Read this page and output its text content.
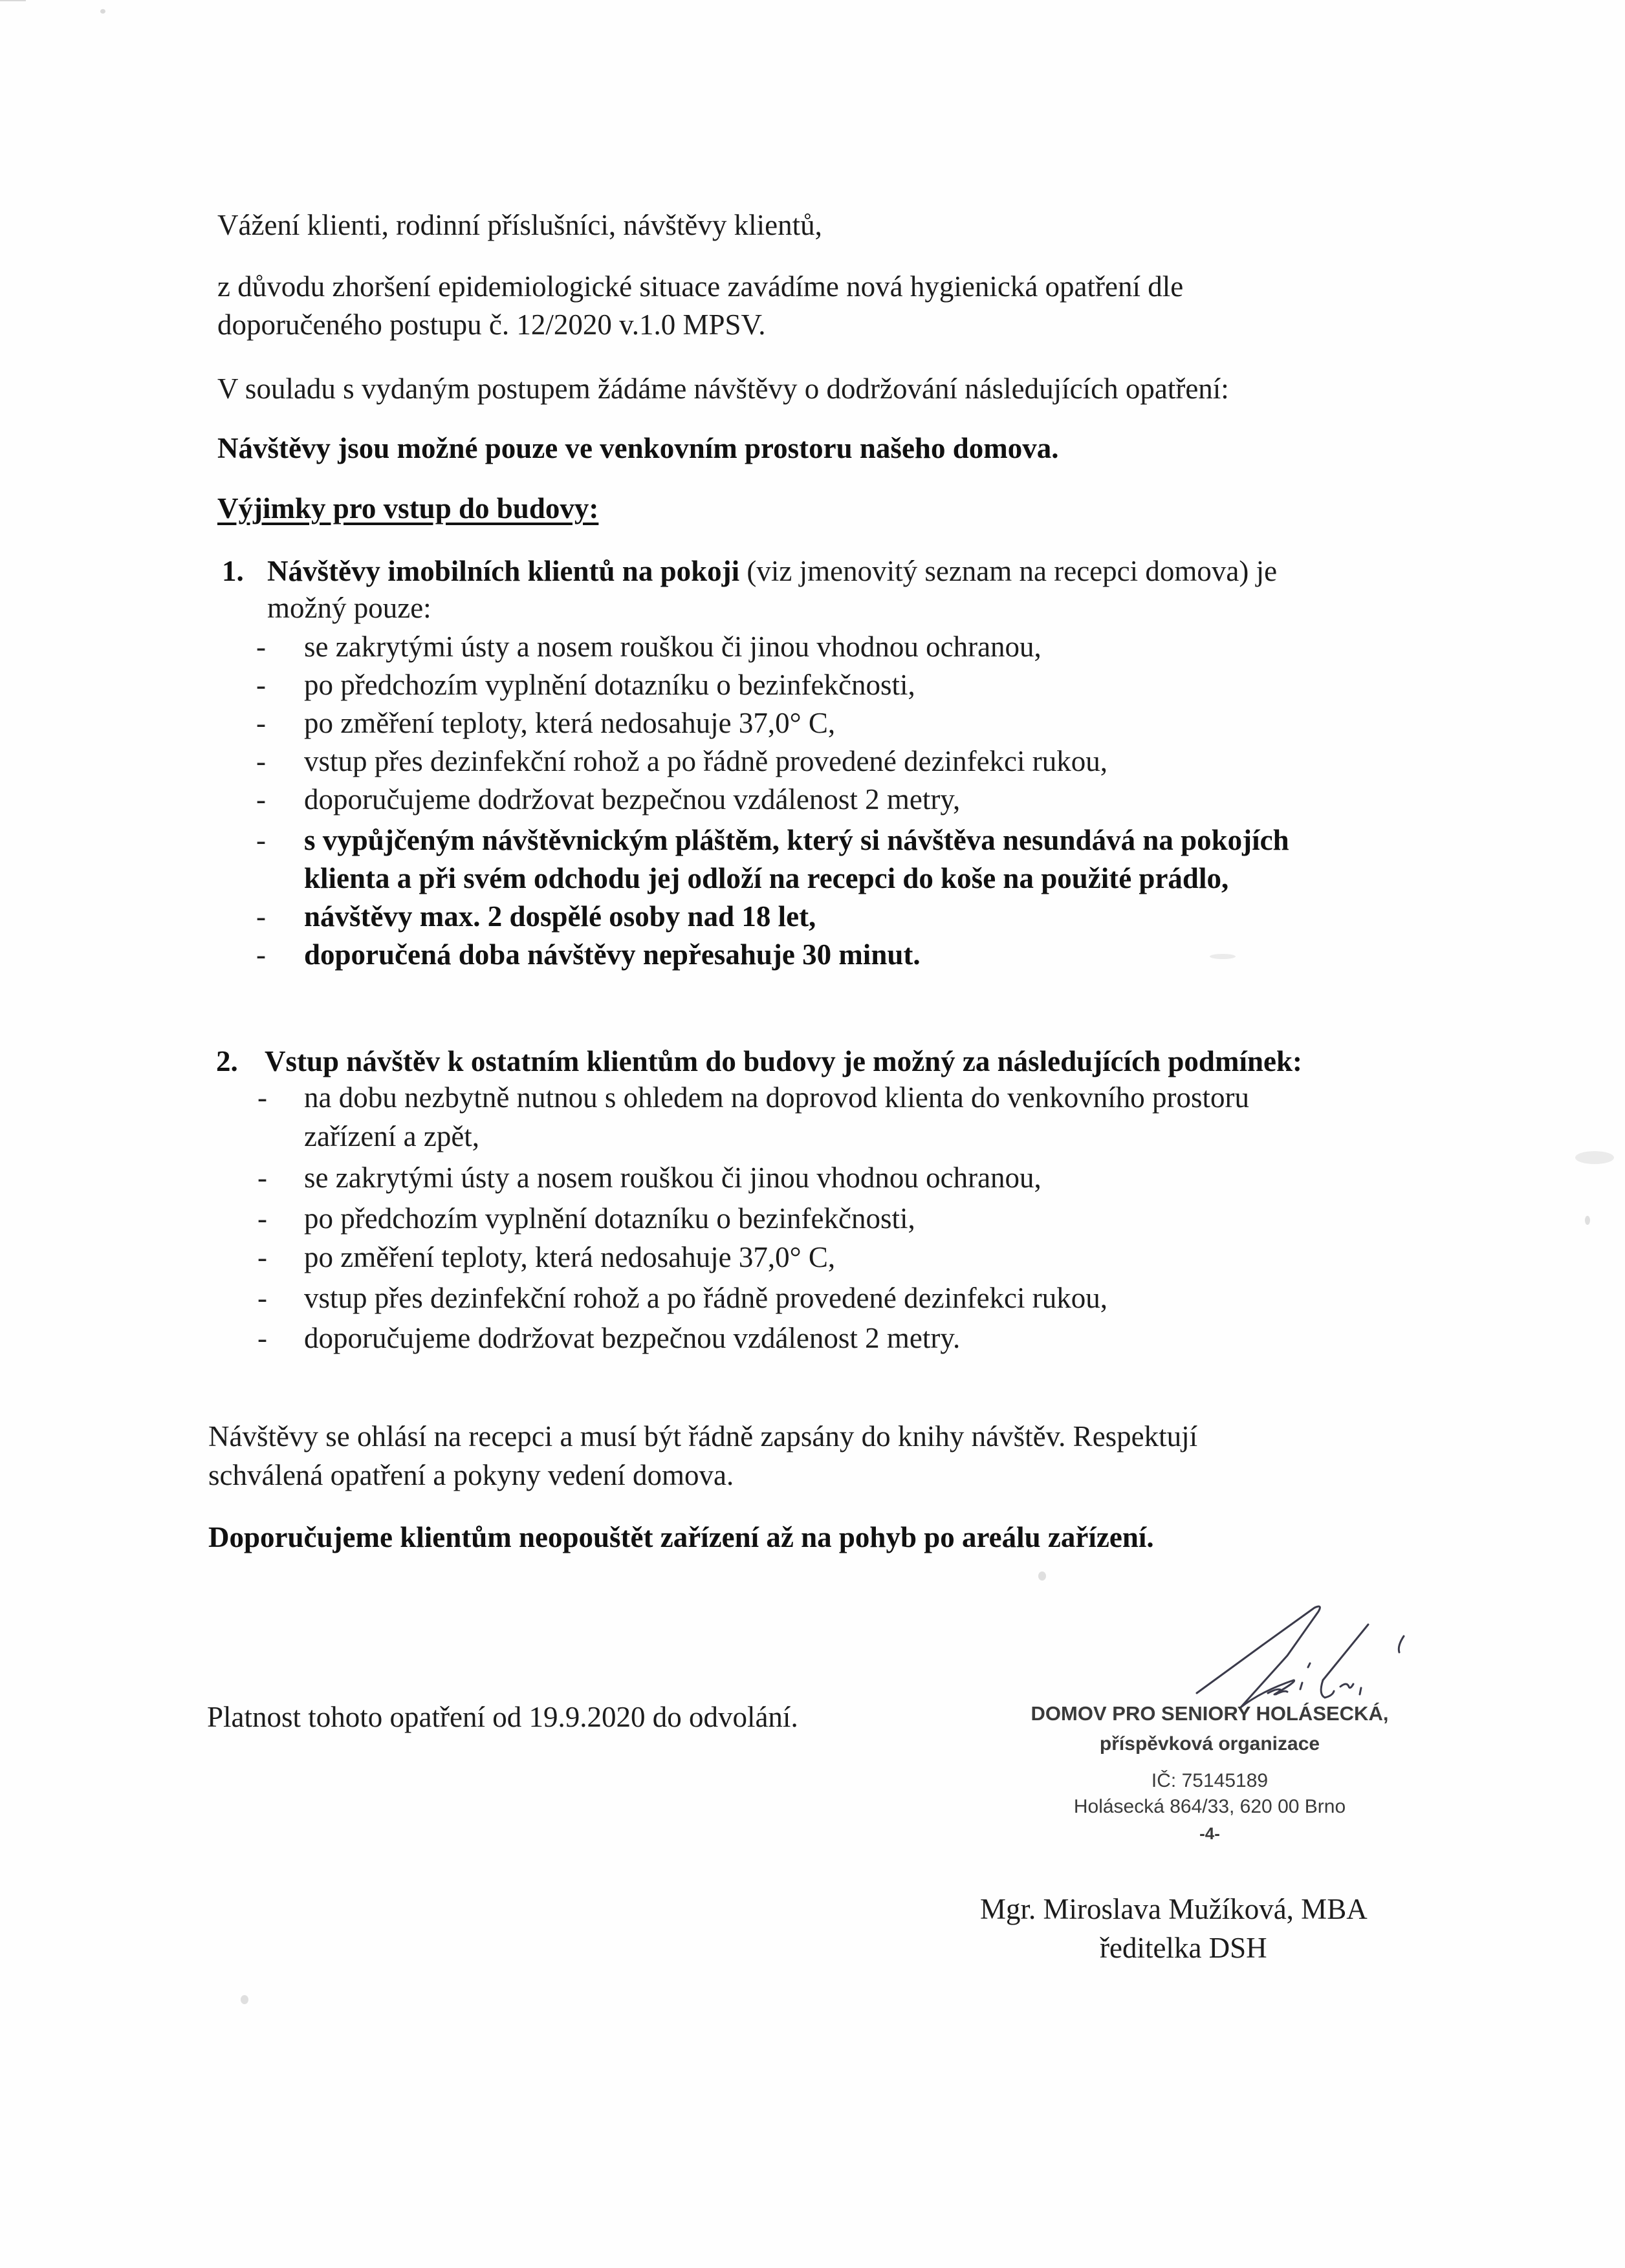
Vážení klienti, rodinní příslušníci, návštěvy klientů,
z důvodu zhoršení epidemiologické situace zavádíme nová hygienická opatření dle
doporučeného postupu č. 12/2020 v.1.0 MPSV.
V souladu s vydaným postupem žádáme návštěvy o dodržování následujících opatření:
Návštěvy jsou možné pouze ve venkovním prostoru našeho domova.
Výjimky pro vstup do budovy:
1. Návštěvy imobilních klientů na pokoji (viz jmenovitý seznam na recepci domova) je
možný pouze:
- se zakrytými ústy a nosem rouškou či jinou vhodnou ochranou,
- po předchozím vyplnění dotazníku o bezinfekčnosti,
- po změření teploty, která nedosahuje 37,0° C,
- vstup přes dezinfekční rohož a po řádně provedené dezinfekci rukou,
- doporučujeme dodržovat bezpečnou vzdálenost 2 metry,
- s vypůjčeným návštěvnickým pláštěm, který si návštěva nesundává na pokojích
klienta a při svém odchodu jej odloží na recepci do koše na použité prádlo,
- návštěvy max. 2 dospělé osoby nad 18 let,
- doporučená doba návštěvy nepřesahuje 30 minut.
2. Vstup návštěv k ostatním klientům do budovy je možný za následujících podmínek:
- na dobu nezbytně nutnou s ohledem na doprovod klienta do venkovního prostoru
zařízení a zpět,
- se zakrytými ústy a nosem rouškou či jinou vhodnou ochranou,
- po předchozím vyplnění dotazníku o bezinfekčnosti,
- po změření teploty, která nedosahuje 37,0° C,
- vstup přes dezinfekční rohož a po řádně provedené dezinfekci rukou,
- doporučujeme dodržovat bezpečnou vzdálenost 2 metry.
Návštěvy se ohlásí na recepci a musí být řádně zapsány do knihy návštěv. Respektují
schválená opatření a pokyny vedení domova.
Doporučujeme klientům neopouštět zařízení až na pohyb po areálu zařízení.
Platnost tohoto opatření od 19.9.2020 do odvolání.	DOMOV PRO SENIORY HOLÁSECKÁ,
příspěvková organizace
IČ: 75145189
Holásecká 864/33, 620 00 Brno
-4-
Mgr. Miroslava Mužíková, MBA
ředitelka DSH
